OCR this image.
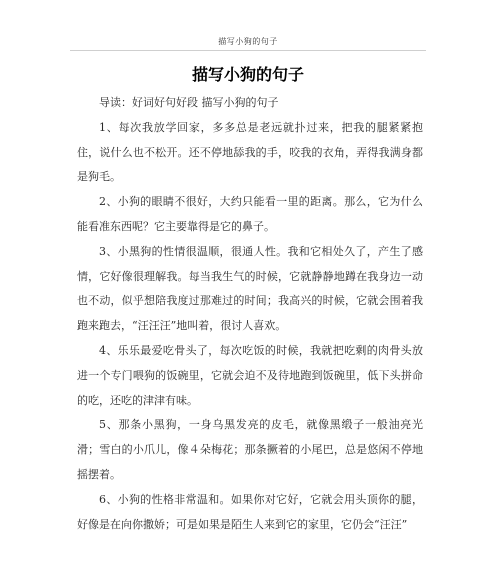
描写小狗的句子
描写小狗的句子

导读：好词好句好段 描写小狗的句子

1、每次我放学回家，多多总是老远就扑过来，把我的腿紧紧抱住，说什么也不松开。还不停地舔我的手，咬我的衣角，弄得我满身都是狗毛。

2、小狗的眼睛不很好，大约只能看一里的距离。那么，它为什么能看准东西呢？它主要靠得是它的鼻子。

3、小黑狗的性情很温顺，很通人性。我和它相处久了，产生了感情，它好像很理解我。每当我生气的时候，它就静静地蹲在我身边一动也不动，似乎想陪我度过那难过的时间；我高兴的时候，它就会围着我跑来跑去，“汪汪汪”地叫着，很讨人喜欢。

4、乐乐最爱吃骨头了，每次吃饭的时候，我就把吃剩的肉骨头放进一个专门喂狗的饭碗里，它就会迫不及待地跑到饭碗里，低下头拼命的吃，还吃的津津有味。

5、那条小黑狗，一身乌黑发亮的皮毛，就像黑缎子一般油亮光滑；雪白的小爪儿，像４朵梅花；那条撅着的小尾巴，总是悠闲不停地摇摆着。

6、小狗的性格非常温和。如果你对它好，它就会用头顶你的腿，好像是在向你撒娇；可是如果是陌生人来到它的家里，它仍会“汪汪”
